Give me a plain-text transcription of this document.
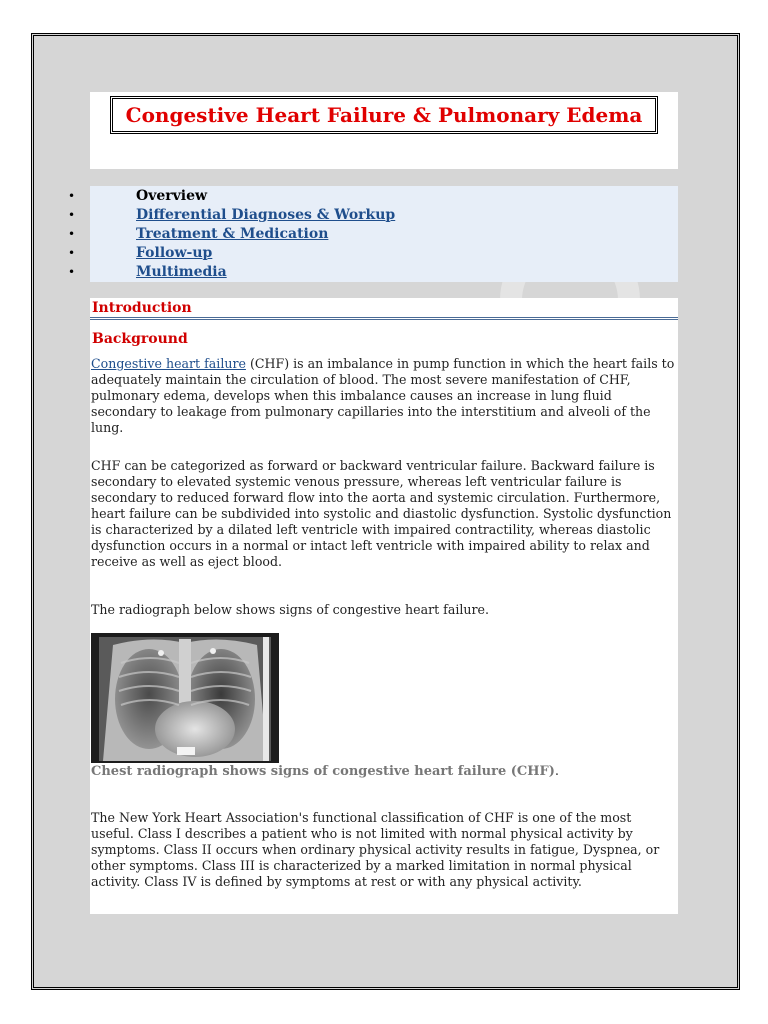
Congestive Heart Failure & Pulmonary Edema
•	Overview
•	Differential Diagnoses & Workup
•	Treatment & Medication
•	Follow-up
•	Multimedia
Introduction
Background

Congestive heart failure (CHF) is an imbalance in pump function in which the heart fails to adequately maintain the circulation of blood. The most severe manifestation of CHF, pulmonary edema, develops when this imbalance causes an increase in lung fluid secondary to leakage from pulmonary capillaries into the interstitium and alveoli of the lung.

CHF can be categorized as forward or backward ventricular failure. Backward failure is secondary to elevated systemic venous pressure, whereas left ventricular failure is secondary to reduced forward flow into the aorta and systemic circulation. Furthermore, heart failure can be subdivided into systolic and diastolic dysfunction. Systolic dysfunction is characterized by a dilated left ventricle with impaired contractility, whereas diastolic dysfunction occurs in a normal or intact left ventricle with impaired ability to relax and receive as well as eject blood.

The radiograph below shows signs of congestive heart failure.

Chest radiograph shows signs of congestive heart failure (CHF).

The New York Heart Association's functional classification of CHF is one of the most useful. Class I describes a patient who is not limited with normal physical activity by symptoms. Class II occurs when ordinary physical activity results in fatigue, Dyspnea, or other symptoms. Class III is characterized by a marked limitation in normal physical activity. Class IV is defined by symptoms at rest or with any physical activity.
